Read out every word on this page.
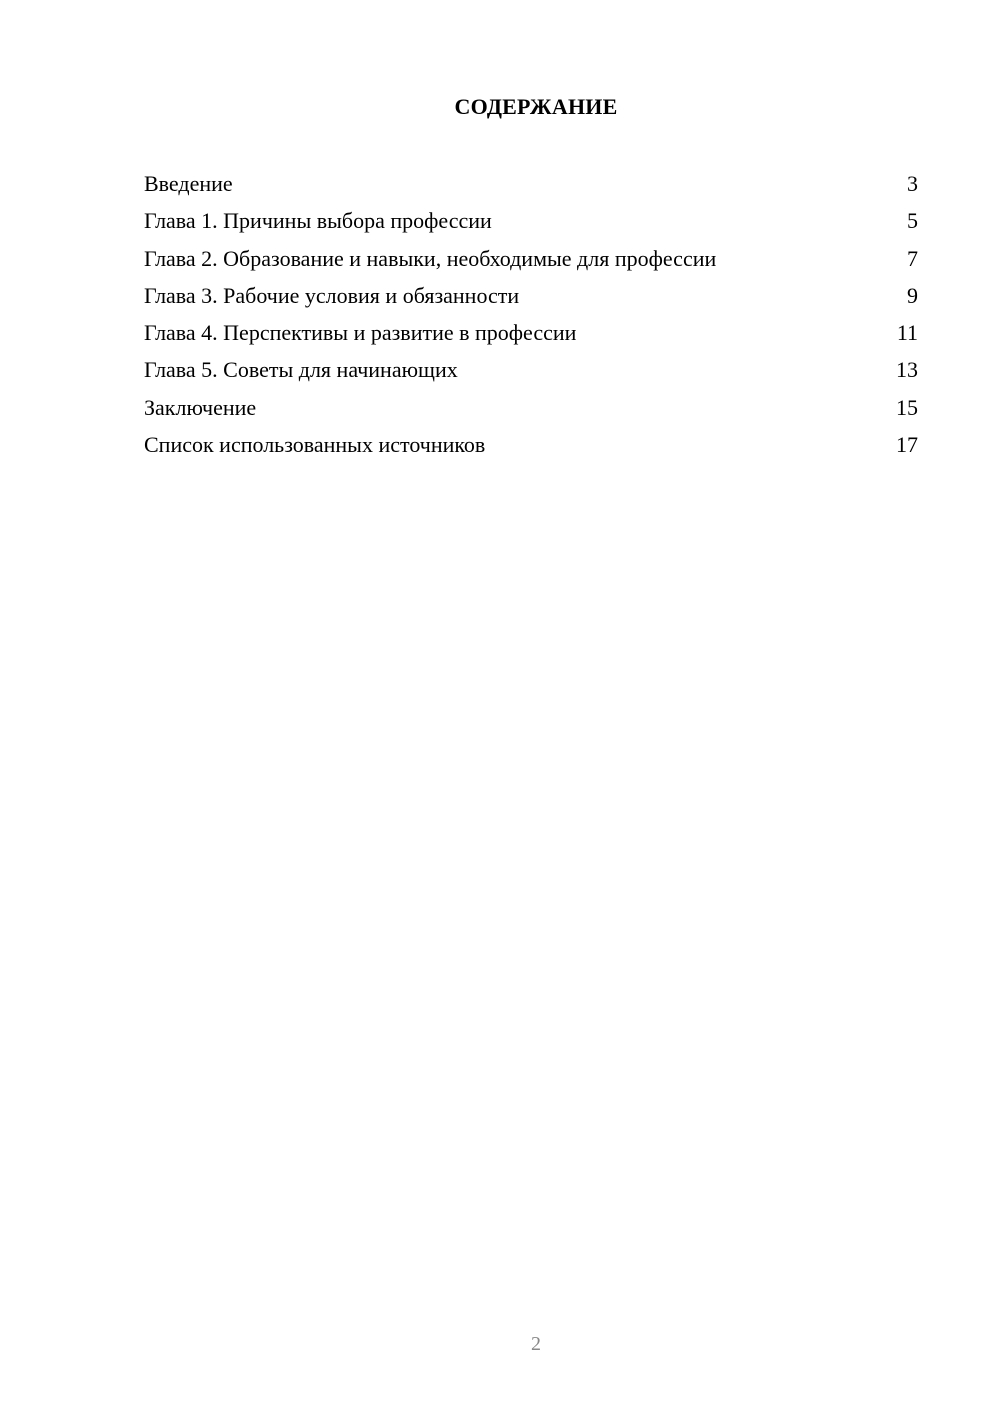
СОДЕРЖАНИЕ
Введение	3
Глава 1. Причины выбора профессии	5
Глава 2. Образование и навыки, необходимые для профессии	7
Глава 3. Рабочие условия и обязанности	9
Глава 4. Перспективы и развитие в профессии	11
Глава 5. Советы для начинающих	13
Заключение	15
Список использованных источников	17
2
